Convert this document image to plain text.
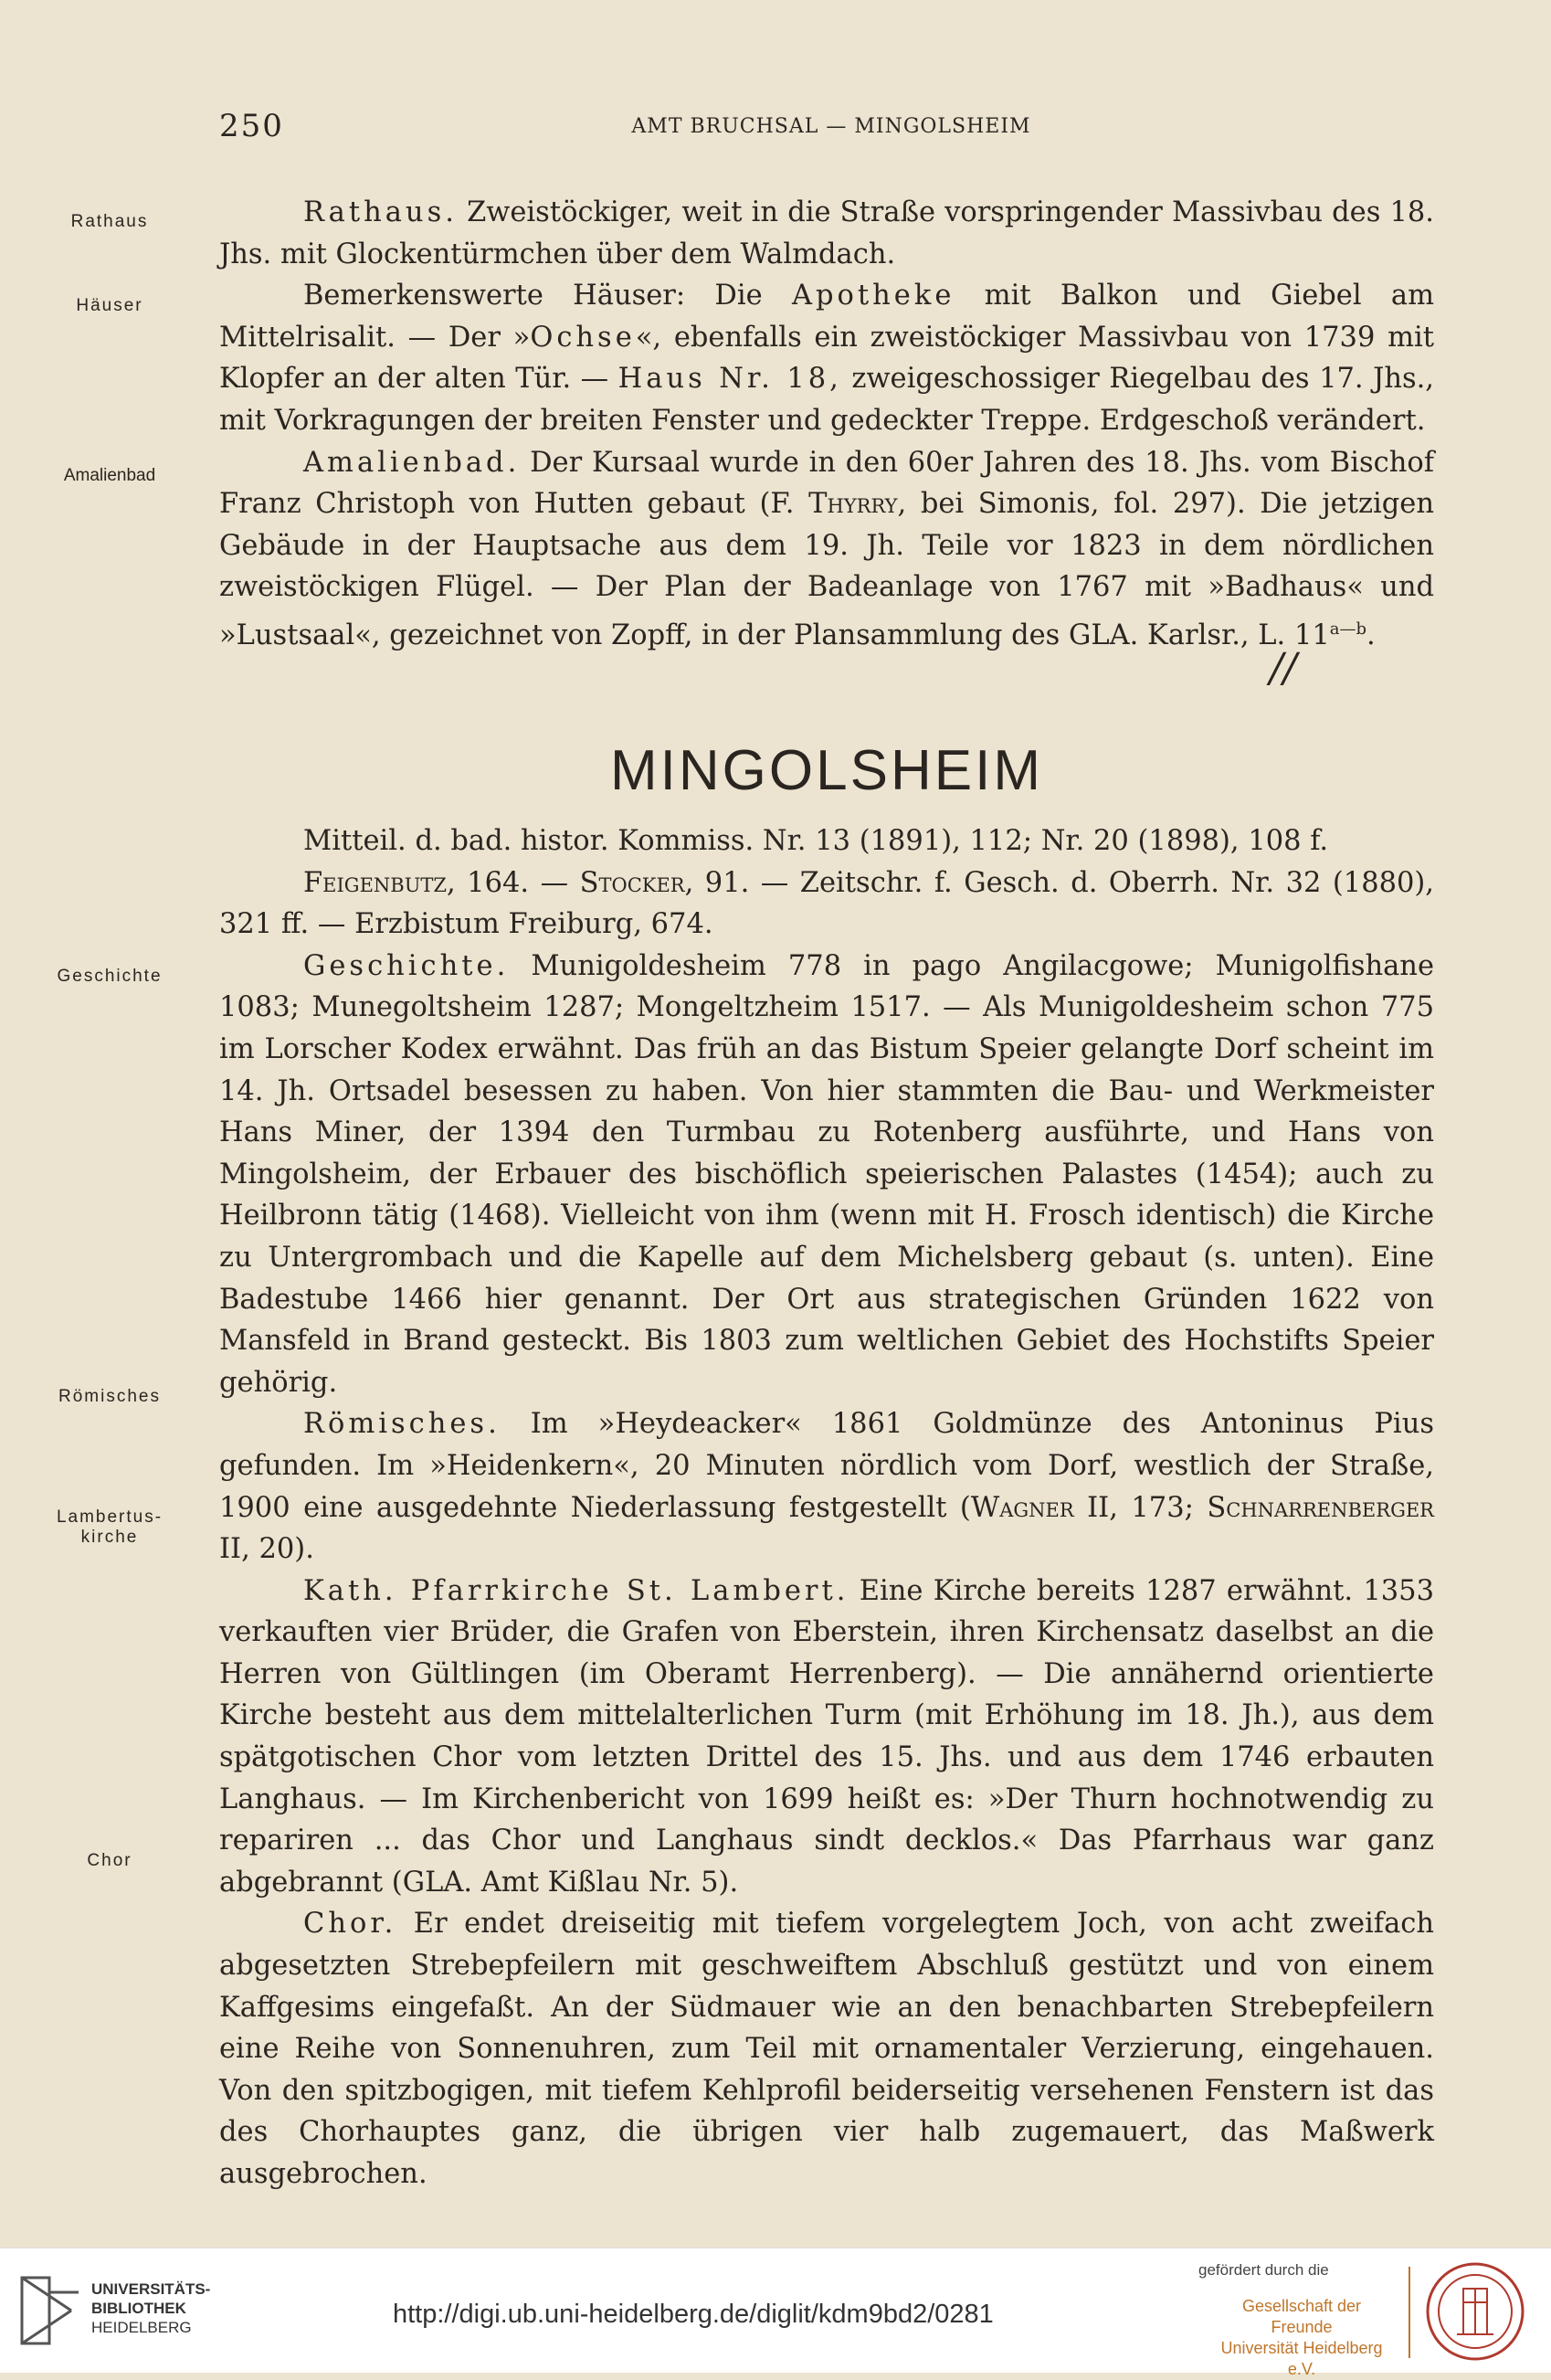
250	AMT BRUCHSAL — MINGOLSHEIM
Rathaus
Häuser
Amalienbad
Geschichte
Römisches
Lambertus-
kirche
Chor

Rathaus. Zweistöckiger, weit in die Straße vorspringender Massivbau des 18. Jhs. mit Glockentürmchen über dem Walmdach.

Bemerkenswerte Häuser: Die Apotheke mit Balkon und Giebel am Mittelrisalit. — Der »Ochse«, ebenfalls ein zweistöckiger Massivbau von 1739 mit Klopfer an der alten Tür. — Haus Nr. 18, zweigeschossiger Riegelbau des 17. Jhs., mit Vorkragungen der breiten Fenster und gedeckter Treppe. Erdgeschoß verändert.

Amalienbad. Der Kursaal wurde in den 60er Jahren des 18. Jhs. vom Bischof Franz Christoph von Hutten gebaut (F. Thyrry, bei Simonis, fol. 297). Die jetzigen Gebäude in der Hauptsache aus dem 19. Jh. Teile vor 1823 in dem nördlichen zweistöckigen Flügel. — Der Plan der Badeanlage von 1767 mit »Badhaus« und »Lustsaal«, gezeichnet von Zopff, in der Plansammlung des GLA. Karlsr., L. $11^{a—b}$.

//
MINGOLSHEIM

Mitteil. d. bad. histor. Kommiss. Nr. 13 (1891), 112; Nr. 20 (1898), 108 f.

Feigenbutz, 164. — Stocker, 91. — Zeitschr. f. Gesch. d. Oberrh. Nr. 32 (1880), 321 ff. — Erzbistum Freiburg, 674.

Geschichte. Munigoldesheim 778 in pago Angilacgowe; Munigolfishane 1083; Munegoltsheim 1287; Mongeltzheim 1517. — Als Munigoldesheim schon 775 im Lorscher Kodex erwähnt. Das früh an das Bistum Speier gelangte Dorf scheint im 14. Jh. Ortsadel besessen zu haben. Von hier stammten die Bau- und Werkmeister Hans Miner, der 1394 den Turmbau zu Rotenberg ausführte, und Hans von Mingolsheim, der Erbauer des bischöflich speierischen Palastes (1454); auch zu Heilbronn tätig (1468). Vielleicht von ihm (wenn mit H. Frosch identisch) die Kirche zu Untergrombach und die Kapelle auf dem Michelsberg gebaut (s. unten). Eine Badestube 1466 hier genannt. Der Ort aus strategischen Gründen 1622 von Mansfeld in Brand gesteckt. Bis 1803 zum weltlichen Gebiet des Hochstifts Speier gehörig.

Römisches. Im »Heydeacker« 1861 Goldmünze des Antoninus Pius gefunden. Im »Heidenkern«, 20 Minuten nördlich vom Dorf, westlich der Straße, 1900 eine ausgedehnte Niederlassung festgestellt (Wagner II, 173; Schnarrenberger II, 20).

Kath. Pfarrkirche St. Lambert. Eine Kirche bereits 1287 erwähnt. 1353 verkauften vier Brüder, die Grafen von Eberstein, ihren Kirchensatz daselbst an die Herren von Gültlingen (im Oberamt Herrenberg). — Die annähernd orientierte Kirche besteht aus dem mittelalterlichen Turm (mit Erhöhung im 18. Jh.), aus dem spätgotischen Chor vom letzten Drittel des 15. Jhs. und aus dem 1746 erbauten Langhaus. — Im Kirchenbericht von 1699 heißt es: »Der Thurn hochnotwendig zu repariren ... das Chor und Langhaus sindt decklos.« Das Pfarrhaus war ganz abgebrannt (GLA. Amt Kißlau Nr. 5).

Chor. Er endet dreiseitig mit tiefem vorgelegtem Joch, von acht zweifach abgesetzten Strebepfeilern mit geschweiftem Abschluß gestützt und von einem Kaffgesims eingefaßt. An der Südmauer wie an den benachbarten Strebepfeilern eine Reihe von Sonnenuhren, zum Teil mit ornamentaler Verzierung, eingehauen. Von den spitzbogigen, mit tiefem Kehlprofil beiderseitig versehenen Fenstern ist das des Chorhauptes ganz, die übrigen vier halb zugemauert, das Maßwerk ausgebrochen.

UNIVERSITÄTS-
BIBLIOTHEK
HEIDELBERG	http://digi.ub.uni-heidelberg.de/diglit/kdm9bd2/0281
gefördert durch die
Gesellschaft der Freunde
Universität Heidelberg e.V.
